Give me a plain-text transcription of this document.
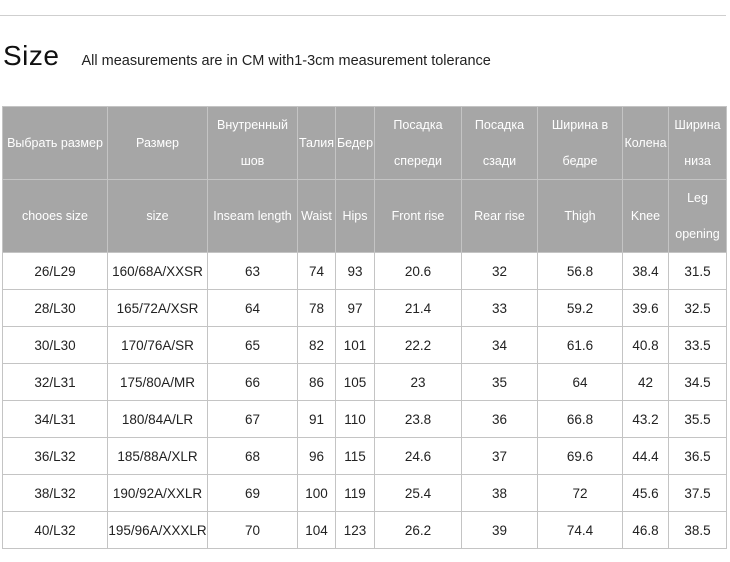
Size All measurements are in CM with1-3cm measurement tolerance
Выбрать размер	Размер	Внутренный шов	Талия	Бедер	Посадка спереди	Посадка сзади	Ширина в бедре	Колена	Ширина низа
chooes size	size	Inseam length	Waist	Hips	Front rise	Rear rise	Thigh	Knee	Leg opening
26/L29	160/68A/XXSR	63	74	93	20.6	32	56.8	38.4	31.5
28/L30	165/72A/XSR	64	78	97	21.4	33	59.2	39.6	32.5
30/L30	170/76A/SR	65	82	101	22.2	34	61.6	40.8	33.5
32/L31	175/80A/MR	66	86	105	23	35	64	42	34.5
34/L31	180/84A/LR	67	91	110	23.8	36	66.8	43.2	35.5
36/L32	185/88A/XLR	68	96	115	24.6	37	69.6	44.4	36.5
38/L32	190/92A/XXLR	69	100	119	25.4	38	72	45.6	37.5
40/L32	195/96A/XXXLR	70	104	123	26.2	39	74.4	46.8	38.5
